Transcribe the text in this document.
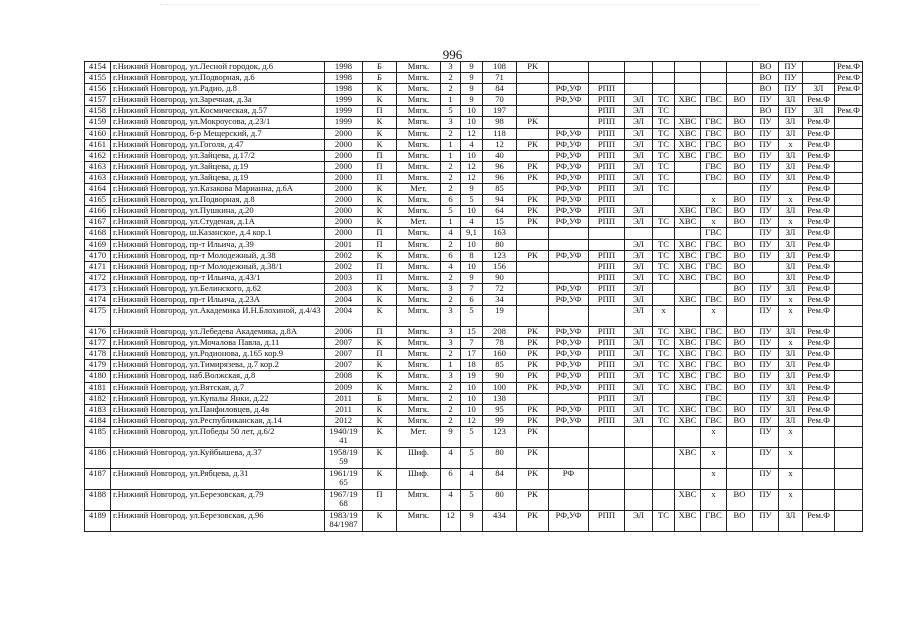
996
4154	г.Нижний Новгород, ул.Лесной городок, д.6	1998	Б	Мягк.	3	9	108	РК								ВО	ПУ		Рем.Ф
4155	г.Нижний Новгород, ул.Подворная, д.6	1998	Б	Мягк.	2	9	71									ВО	ПУ		Рем.Ф
4156	г.Нижний Новгород, ул.Радио, д.8	1998	К	Мягк.	2	9	84		РФ,УФ	РПП						ВО	ПУ	ЗЛ	Рем.Ф
4157	г.Нижний Новгород, ул.Заречная, д.3а	1999	К	Мягк.	1	9	70		РФ,УФ	РПП	ЭЛ	ТС	ХВС	ГВС	ВО	ПУ	ЗЛ	Рем.Ф	
4158	г.Нижний Новгород, ул.Космическая, д.57	1999	П	Мягк.	5	10	197			РПП	ЭЛ	ТС				ВО	ПУ	ЗЛ	Рем.Ф
4159	г.Нижний Новгород, ул.Мокроусова, д.23/1	1999	К	Мягк.	3	10	98	РК		РПП	ЭЛ	ТС	ХВС	ГВС	ВО	ПУ	ЗЛ	Рем.Ф	
4160	г.Нижний Новгород, б-р Мещерский, д.7	2000	К	Мягк.	2	12	118		РФ,УФ	РПП	ЭЛ	ТС	ХВС	ГВС	ВО	ПУ	ЗЛ	Рем.Ф	
4161	г.Нижний Новгород, ул.Гоголя, д.47	2000	К	Мягк.	1	4	12	РК	РФ,УФ	РПП	ЭЛ	ТС	ХВС	ГВС	ВО	ПУ	х	Рем.Ф	
4162	г.Нижний Новгород, ул.Зайцева, д.17/2	2000	П	Мягк.	1	10	40		РФ,УФ	РПП	ЭЛ	ТС	ХВС	ГВС	ВО	ПУ	ЗЛ	Рем.Ф	
4163	г.Нижний Новгород, ул.Зайцева, д.19	2000	П	Мягк.	2	12	96	РК	РФ,УФ	РПП	ЭЛ	ТС		ГВС	ВО	ПУ	ЗЛ	Рем.Ф	
4163	г.Нижний Новгород, ул.Зайцева, д.19	2000	П	Мягк.	2	12	96	РК	РФ,УФ	РПП	ЭЛ	ТС		ГВС	ВО	ПУ	ЗЛ	Рем.Ф	
4164	г.Нижний Новгород, ул.Казакова Марианна, д.6А	2000	К	Мет.	2	9	85		РФ,УФ	РПП	ЭЛ	ТС				ПУ		Рем.Ф	
4165	г.Нижний Новгород, ул.Подворная, д.8	2000	К	Мягк.	6	5	94	РК	РФ,УФ	РПП				х	ВО	ПУ	х	Рем.Ф	
4166	г.Нижний Новгород, ул.Пушкина, д.20	2000	К	Мягк.	5	10	64	РК	РФ,УФ	РПП	ЭЛ		ХВС	ГВС	ВО	ПУ	ЗЛ	Рем.Ф	
4167	г.Нижний Новгород, ул.Студеная, д.1А	2000	К	Мет.	1	4	15	РК	РФ,УФ	РПП	ЭЛ	ТС	ХВС	х	ВО	ПУ	х	Рем.Ф	
4168	г.Нижний Новгород, ш.Казанское, д.4 кор.1	2000	П	Мягк.	4	9,1	163							ГВС		ПУ	ЗЛ	Рем.Ф	
4169	г.Нижний Новгород, пр-т Ильича, д.39	2001	П	Мягк.	2	10	80				ЭЛ	ТС	ХВС	ГВС	ВО	ПУ	ЗЛ	Рем.Ф	
4170	г.Нижний Новгород, пр-т Молодежный, д.38	2002	К	Мягк.	6	8	123	РК	РФ,УФ	РПП	ЭЛ	ТС	ХВС	ГВС	ВО	ПУ	ЗЛ	Рем.Ф	
4171	г.Нижний Новгород, пр-т Молодежный, д.38/1	2002	П	Мягк.	4	10	156			РПП	ЭЛ	ТС	ХВС	ГВС	ВО		ЗЛ	Рем.Ф	
4172	г.Нижний Новгород, пр-т Ильича, д.43/1	2003	П	Мягк.	2	9	90			РПП	ЭЛ	ТС	ХВС	ГВС	ВО		ЗЛ	Рем.Ф	
4173	г.Нижний Новгород, ул.Белинского, д.62	2003	К	Мягк.	3	7	72		РФ,УФ	РПП	ЭЛ				ВО	ПУ	ЗЛ	Рем.Ф	
4174	г.Нижний Новгород, пр-т Ильича, д.23А	2004	К	Мягк.	2	6	34		РФ,УФ	РПП	ЭЛ		ХВС	ГВС	ВО	ПУ	х	Рем.Ф	
4175	г.Нижний Новгород, ул.Академика И.Н.Блохиной, д.4/43	2004	К	Мягк.	3	5	19				ЭЛ	х		х		ПУ	х	Рем.Ф	
4176	г.Нижний Новгород, ул.Лебедева Академика, д.8А	2006	П	Мягк.	3	15	208	РК	РФ,УФ	РПП	ЭЛ	ТС	ХВС	ГВС	ВО	ПУ	ЗЛ	Рем.Ф	
4177	г.Нижний Новгород, ул.Мочалова Павла, д.11	2007	К	Мягк.	3	7	78	РК	РФ,УФ	РПП	ЭЛ	ТС	ХВС	ГВС	ВО	ПУ	х	Рем.Ф	
4178	г.Нижний Новгород, ул.Родионова, д.165 кор.9	2007	П	Мягк.	2	17	160	РК	РФ,УФ	РПП	ЭЛ	ТС	ХВС	ГВС	ВО	ПУ	ЗЛ	Рем.Ф	
4179	г.Нижний Новгород, ул.Тимирязева, д.7 кор.2	2007	К	Мягк.	1	18	85	РК	РФ,УФ	РПП	ЭЛ	ТС	ХВС	ГВС	ВО	ПУ	ЗЛ	Рем.Ф	
4180	г.Нижний Новгород, наб.Волжская, д.8	2008	К	Мягк.	3	19	90	РК	РФ,УФ	РПП	ЭЛ	ТС	ХВС	ГВС	ВО	ПУ	ЗЛ	Рем.Ф	
4181	г.Нижний Новгород, ул.Вятская, д.7	2009	К	Мягк.	2	10	100	РК	РФ,УФ	РПП	ЭЛ	ТС	ХВС	ГВС	ВО	ПУ	ЗЛ	Рем.Ф	
4182	г.Нижний Новгород, ул.Купалы Янки, д.22	2011	Б	Мягк.	2	10	138			РПП	ЭЛ			ГВС		ПУ	ЗЛ	Рем.Ф	
4183	г.Нижний Новгород, ул.Панфиловцев, д.4в	2011	К	Мягк.	2	10	95	РК	РФ,УФ	РПП	ЭЛ	ТС	ХВС	ГВС	ВО	ПУ	ЗЛ	Рем.Ф	
4184	г.Нижний Новгород, ул.Республиканская, д.14	2012	К	Мягк.	2	12	99	РК	РФ,УФ	РПП	ЭЛ	ТС	ХВС	ГВС	ВО	ПУ	ЗЛ	Рем.Ф	
4185	г.Нижний Новгород, ул.Победы 50 лет, д.6/2	1940/19 41	К	Мет.	9	5	123	РК						х		ПУ	х		
4186	г.Нижний Новгород, ул.Куйбышева, д.37	1958/19 59	К	Шиф.	4	5	80	РК					ХВС	х		ПУ	х		
4187	г.Нижний Новгород, ул.Рябцева, д.31	1961/19 65	К	Шиф.	6	4	84	РК	РФ					х		ПУ	х		
4188	г.Нижний Новгород, ул.Березовская, д.79	1967/19 68	П	Мягк.	4	5	80	РК					ХВС	х	ВО	ПУ	х		
4189	г.Нижний Новгород, ул.Березовская, д.96	1983/19 84/1987	К	Мягк.	12	9	434	РК	РФ,УФ	РПП	ЭЛ	ТС	ХВС	ГВС	ВО	ПУ	ЗЛ	Рем.Ф	
